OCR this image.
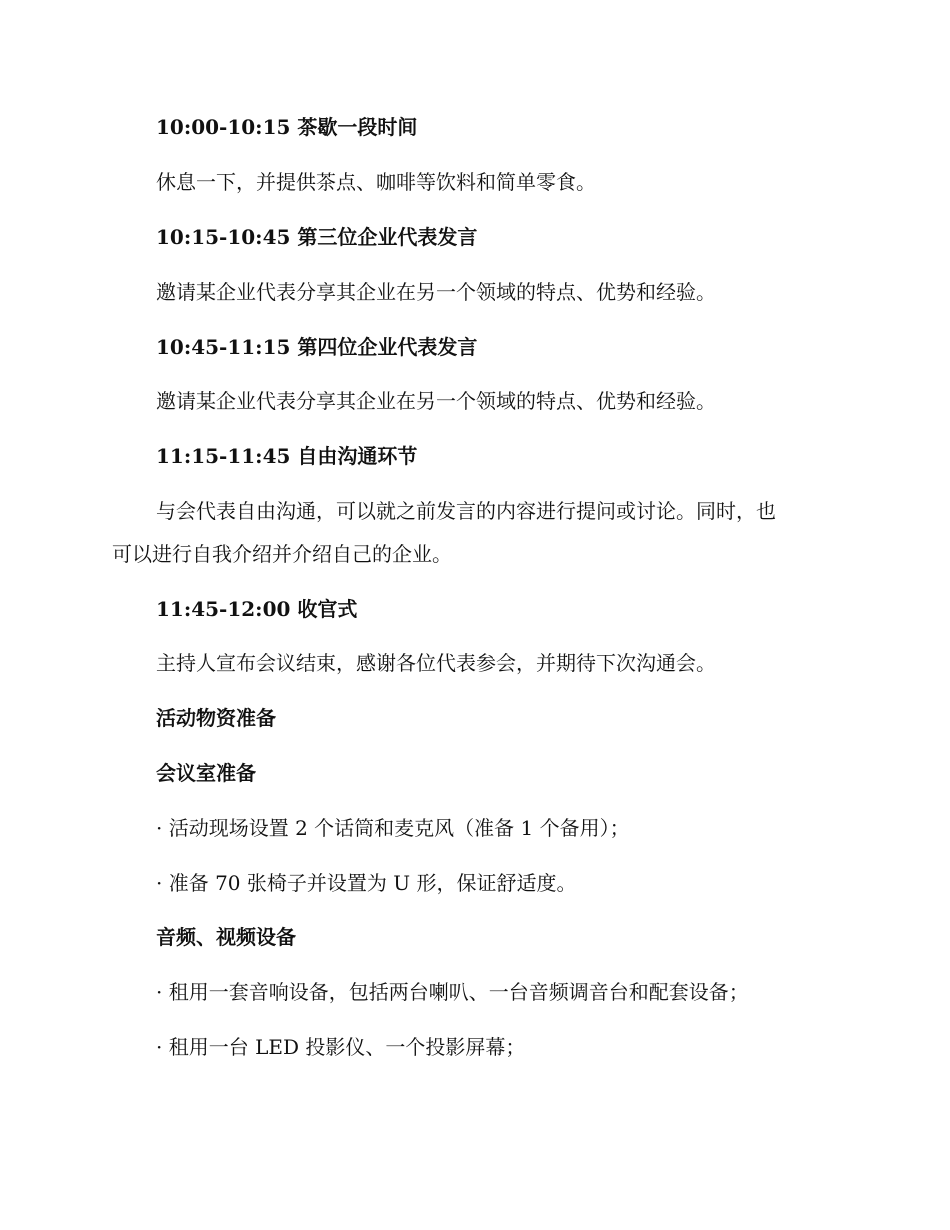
10:00-10:15 茶歇一段时间
休息一下，并提供茶点、咖啡等饮料和简单零食。
10:15-10:45 第三位企业代表发言
邀请某企业代表分享其企业在另一个领域的特点、优势和经验。
10:45-11:15 第四位企业代表发言
邀请某企业代表分享其企业在另一个领域的特点、优势和经验。
11:15-11:45 自由沟通环节
与会代表自由沟通，可以就之前发言的内容进行提问或讨论。同时，也
可以进行自我介绍并介绍自己的企业。
11:45-12:00 收官式
主持人宣布会议结束，感谢各位代表参会，并期待下次沟通会。
活动物资准备
会议室准备
· 活动现场设置 2 个话筒和麦克风（准备 1 个备用）；
· 准备 70 张椅子并设置为 U 形，保证舒适度。
音频、视频设备
· 租用一套音响设备，包括两台喇叭、一台音频调音台和配套设备；
· 租用一台 LED 投影仪、一个投影屏幕；
